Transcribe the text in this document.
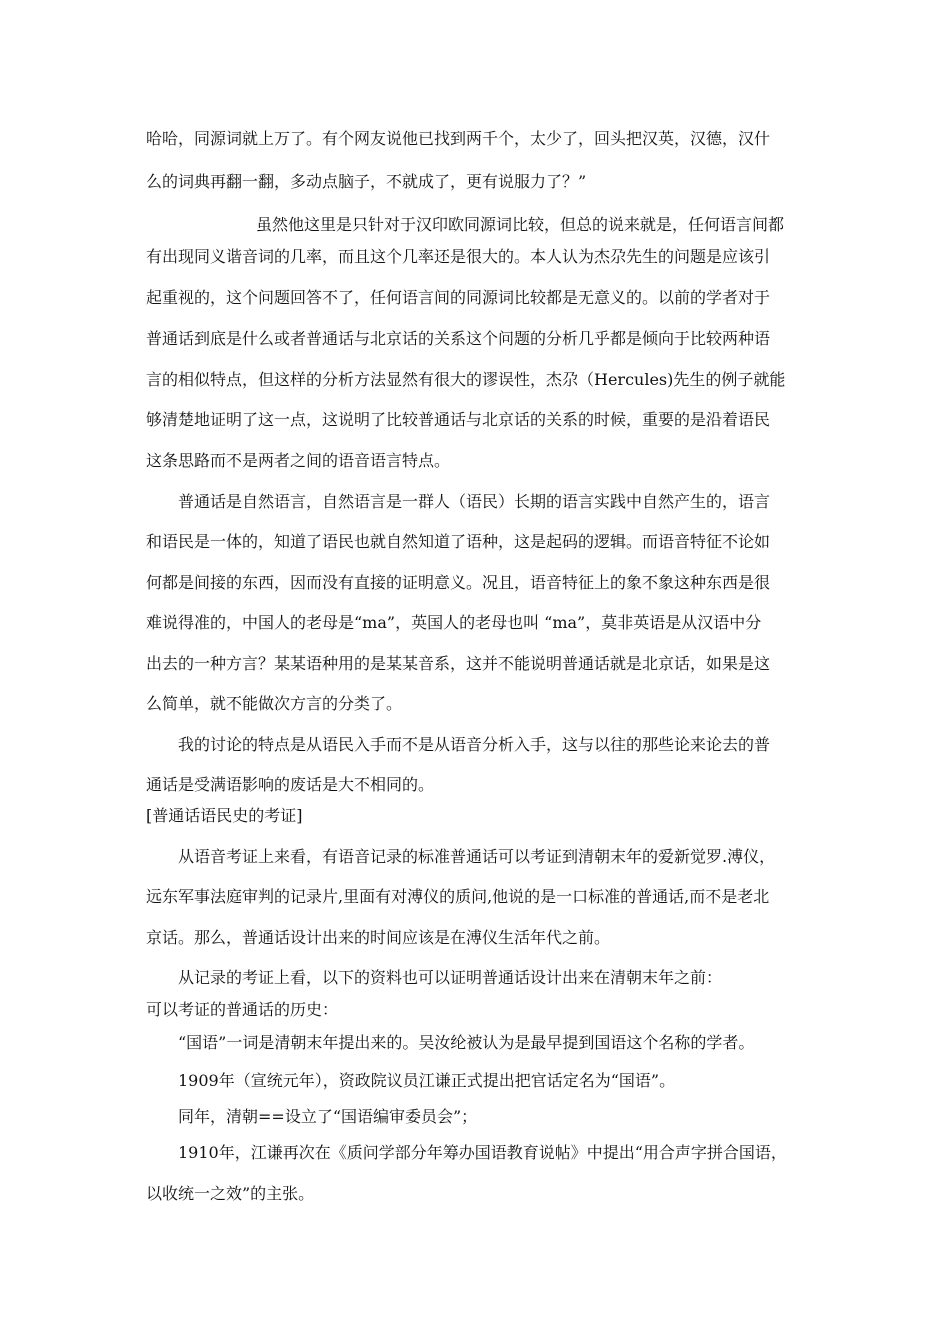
哈哈，同源词就上万了。有个网友说他已找到两千个，太少了，回头把汉英，汉德，汉什
么的词典再翻一翻，多动点脑子，不就成了，更有说服力了？”
虽然他这里是只针对于汉印欧同源词比较，但总的说来就是，任何语言间都
有出现同义谐音词的几率，而且这个几率还是很大的。本人认为杰尕先生的问题是应该引
起重视的，这个问题回答不了，任何语言间的同源词比较都是无意义的。以前的学者对于
普通话到底是什么或者普通话与北京话的关系这个问题的分析几乎都是倾向于比较两种语
言的相似特点，但这样的分析方法显然有很大的谬误性，杰尕（Hercules)先生的例子就能
够清楚地证明了这一点，这说明了比较普通话与北京话的关系的时候，重要的是沿着语民
这条思路而不是两者之间的语音语言特点。
普通话是自然语言，自然语言是一群人（语民）长期的语言实践中自然产生的，语言
和语民是一体的，知道了语民也就自然知道了语种，这是起码的逻辑。而语音特征不论如
何都是间接的东西，因而没有直接的证明意义。况且，语音特征上的象不象这种东西是很
难说得准的，中国人的老母是“ma”，英国人的老母也叫 “ma”，莫非英语是从汉语中分
出去的一种方言？某某语种用的是某某音系，这并不能说明普通话就是北京话，如果是这
么简单，就不能做次方言的分类了。
我的讨论的特点是从语民入手而不是从语音分析入手，这与以往的那些论来论去的普
通话是受满语影响的废话是大不相同的。
[普通话语民史的考证]
从语音考证上来看，有语音记录的标准普通话可以考证到清朝末年的爱新觉罗.溥仪，
远东军事法庭审判的记录片,里面有对溥仪的质问,他说的是一口标准的普通话,而不是老北
京话。那么，普通话设计出来的时间应该是在溥仪生活年代之前。
从记录的考证上看，以下的资料也可以证明普通话设计出来在清朝末年之前：
可以考证的普通话的历史：
“国语”一词是清朝末年提出来的。吴汝纶被认为是最早提到国语这个名称的学者。
1909年（宣统元年），资政院议员江谦正式提出把官话定名为“国语”。
同年，清朝==设立了“国语编审委员会”；
1910年，江谦再次在《质问学部分年筹办国语教育说帖》中提出“用合声字拼合国语，
以收统一之效”的主张。
